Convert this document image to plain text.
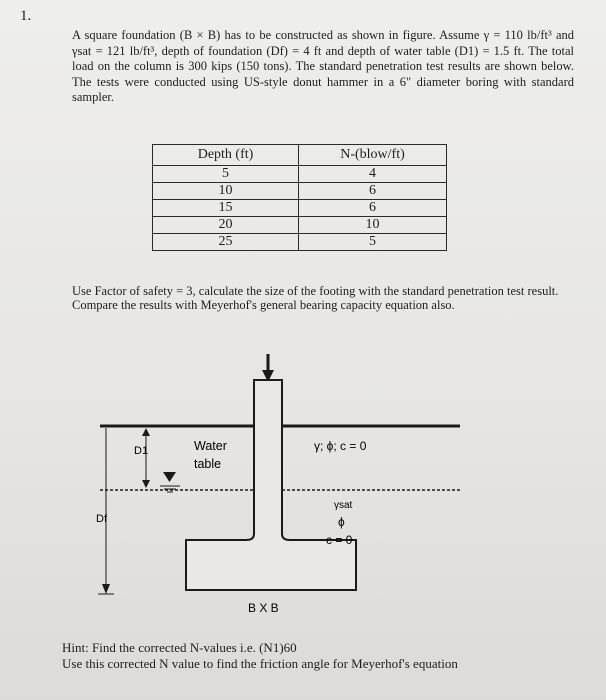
1.
A square foundation (B × B) has to be constructed as shown in figure. Assume γ = 110 lb/ft³ and γsat = 121 lb/ft³, depth of foundation (Df) = 4 ft and depth of water table (D1) = 1.5 ft. The total load on the column is 300 kips (150 tons). The standard penetration test results are shown below. The tests were conducted using US-style donut hammer in a 6" diameter boring with standard sampler.
Depth (ft)	N-(blow/ft)
5	4
10	6
15	6
20	10
25	5

Use Factor of safety = 3, calculate the size of the footing with the standard penetration test result.

Compare the results with Meyerhof's general bearing capacity equation also.

D1	Water
table
Df
γ; ϕ; c = 0
γsat
ϕ
c = 0
B X B

Hint: Find the corrected N-values i.e. (N1)60

Use this corrected N value to find the friction angle for Meyerhof's equation
